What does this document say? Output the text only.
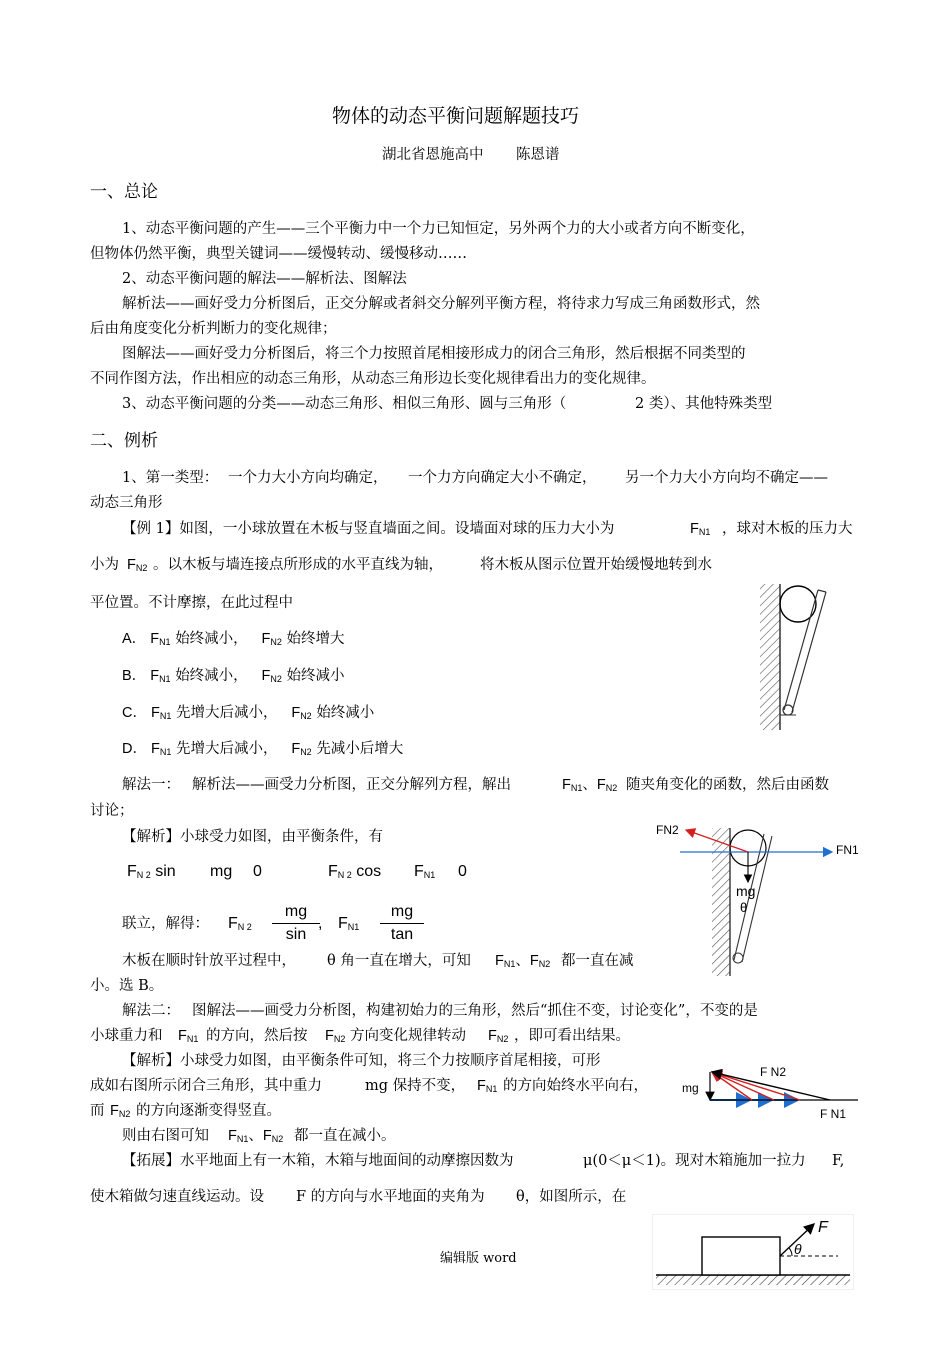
物体的动态平衡问题解题技巧
湖北省恩施高中 陈恩谱
一、总论
1、动态平衡问题的产生——三个平衡力中一个力已知恒定，另外两个力的大小或者方向不断变化，
但物体仍然平衡，典型关键词——缓慢转动、缓慢移动……
2、动态平衡问题的解法——解析法、图解法
解析法——画好受力分析图后，正交分解或者斜交分解列平衡方程，将待求力写成三角函数形式，然
后由角度变化分析判断力的变化规律；
图解法——画好受力分析图后，将三个力按照首尾相接形成力的闭合三角形，然后根据不同类型的
不同作图方法，作出相应的动态三角形，从动态三角形边长变化规律看出力的变化规律。
3、动态平衡问题的分类——动态三角形、相似三角形、圆与三角形（	2 类）、其他特殊类型
二、例析
1、第一类型： 一个力大小方向均确定， 一个力方向确定大小不确定， 另一个力大小方向均不确定——
动态三角形
【例 1】如图，一小球放置在木板与竖直墙面之间。设墙面对球的压力大小为	$F_{N1}$ ，球对木板的压力大
小为 $F_{N2}$ 。以木板与墙连接点所形成的水平直线为轴，	将木板从图示位置开始缓慢地转到水
平位置。不计摩擦，在此过程中
A． $F_{N1}$ 始终减小， $F_{N2}$ 始终增大
B． $F_{N1}$ 始终减小， $F_{N2}$ 始终减小
C． $F_{N1}$ 先增大后减小， $F_{N2}$ 始终减小
D． $F_{N1}$ 先增大后减小， $F_{N2}$ 先减小后增大
解法一： 解析法——画受力分析图，正交分解列方程，解出	$F_{N1}$、$F_{N2}$ 随夹角变化的函数，然后由函数
讨论；
【解析】小球受力如图，由平衡条件，有
$F_{N 2}$ sin mg 0	$F_{N 2}$ $\cos F_{N1}$ 0
联立，解得： $F_{N 2}$
mg
sin
, $F_{N1}$
mg
tan
FN2
FN1
mg
θ
木板在顺时针放平过程中， θ 角一直在增大，可知 $F_{N1}$、$F_{N2}$ 都一直在减
小。选 B。
解法二： 图解法——画受力分析图，构建初始力的三角形，然后“抓住不变，讨论变化”，不变的是
小球重力和 $F_{N1}$ 的方向，然后按 $F_{N2}$ 方向变化规律转动 $F_{N2}$ ，即可看出结果。
【解析】小球受力如图，由平衡条件可知，将三个力按顺序首尾相接，可形
成如右图所示闭合三角形，其中重力	mg 保持不变， $F_{N1}$ 的方向始终水平向右，
而 $F_{N2}$ 的方向逐渐变得竖直。
则由右图可知 $F_{N1}$、$F_{N2}$ 都一直在减小。
mg
F N2
F N1
【拓展】水平地面上有一木箱，木箱与地面间的动摩擦因数为	μ(0＜μ＜1)。现对木箱施加一拉力 F,
使木箱做匀速直线运动。设 F 的方向与水平地面的夹角为 θ，如图所示，在
F
θ
编辑版 word
